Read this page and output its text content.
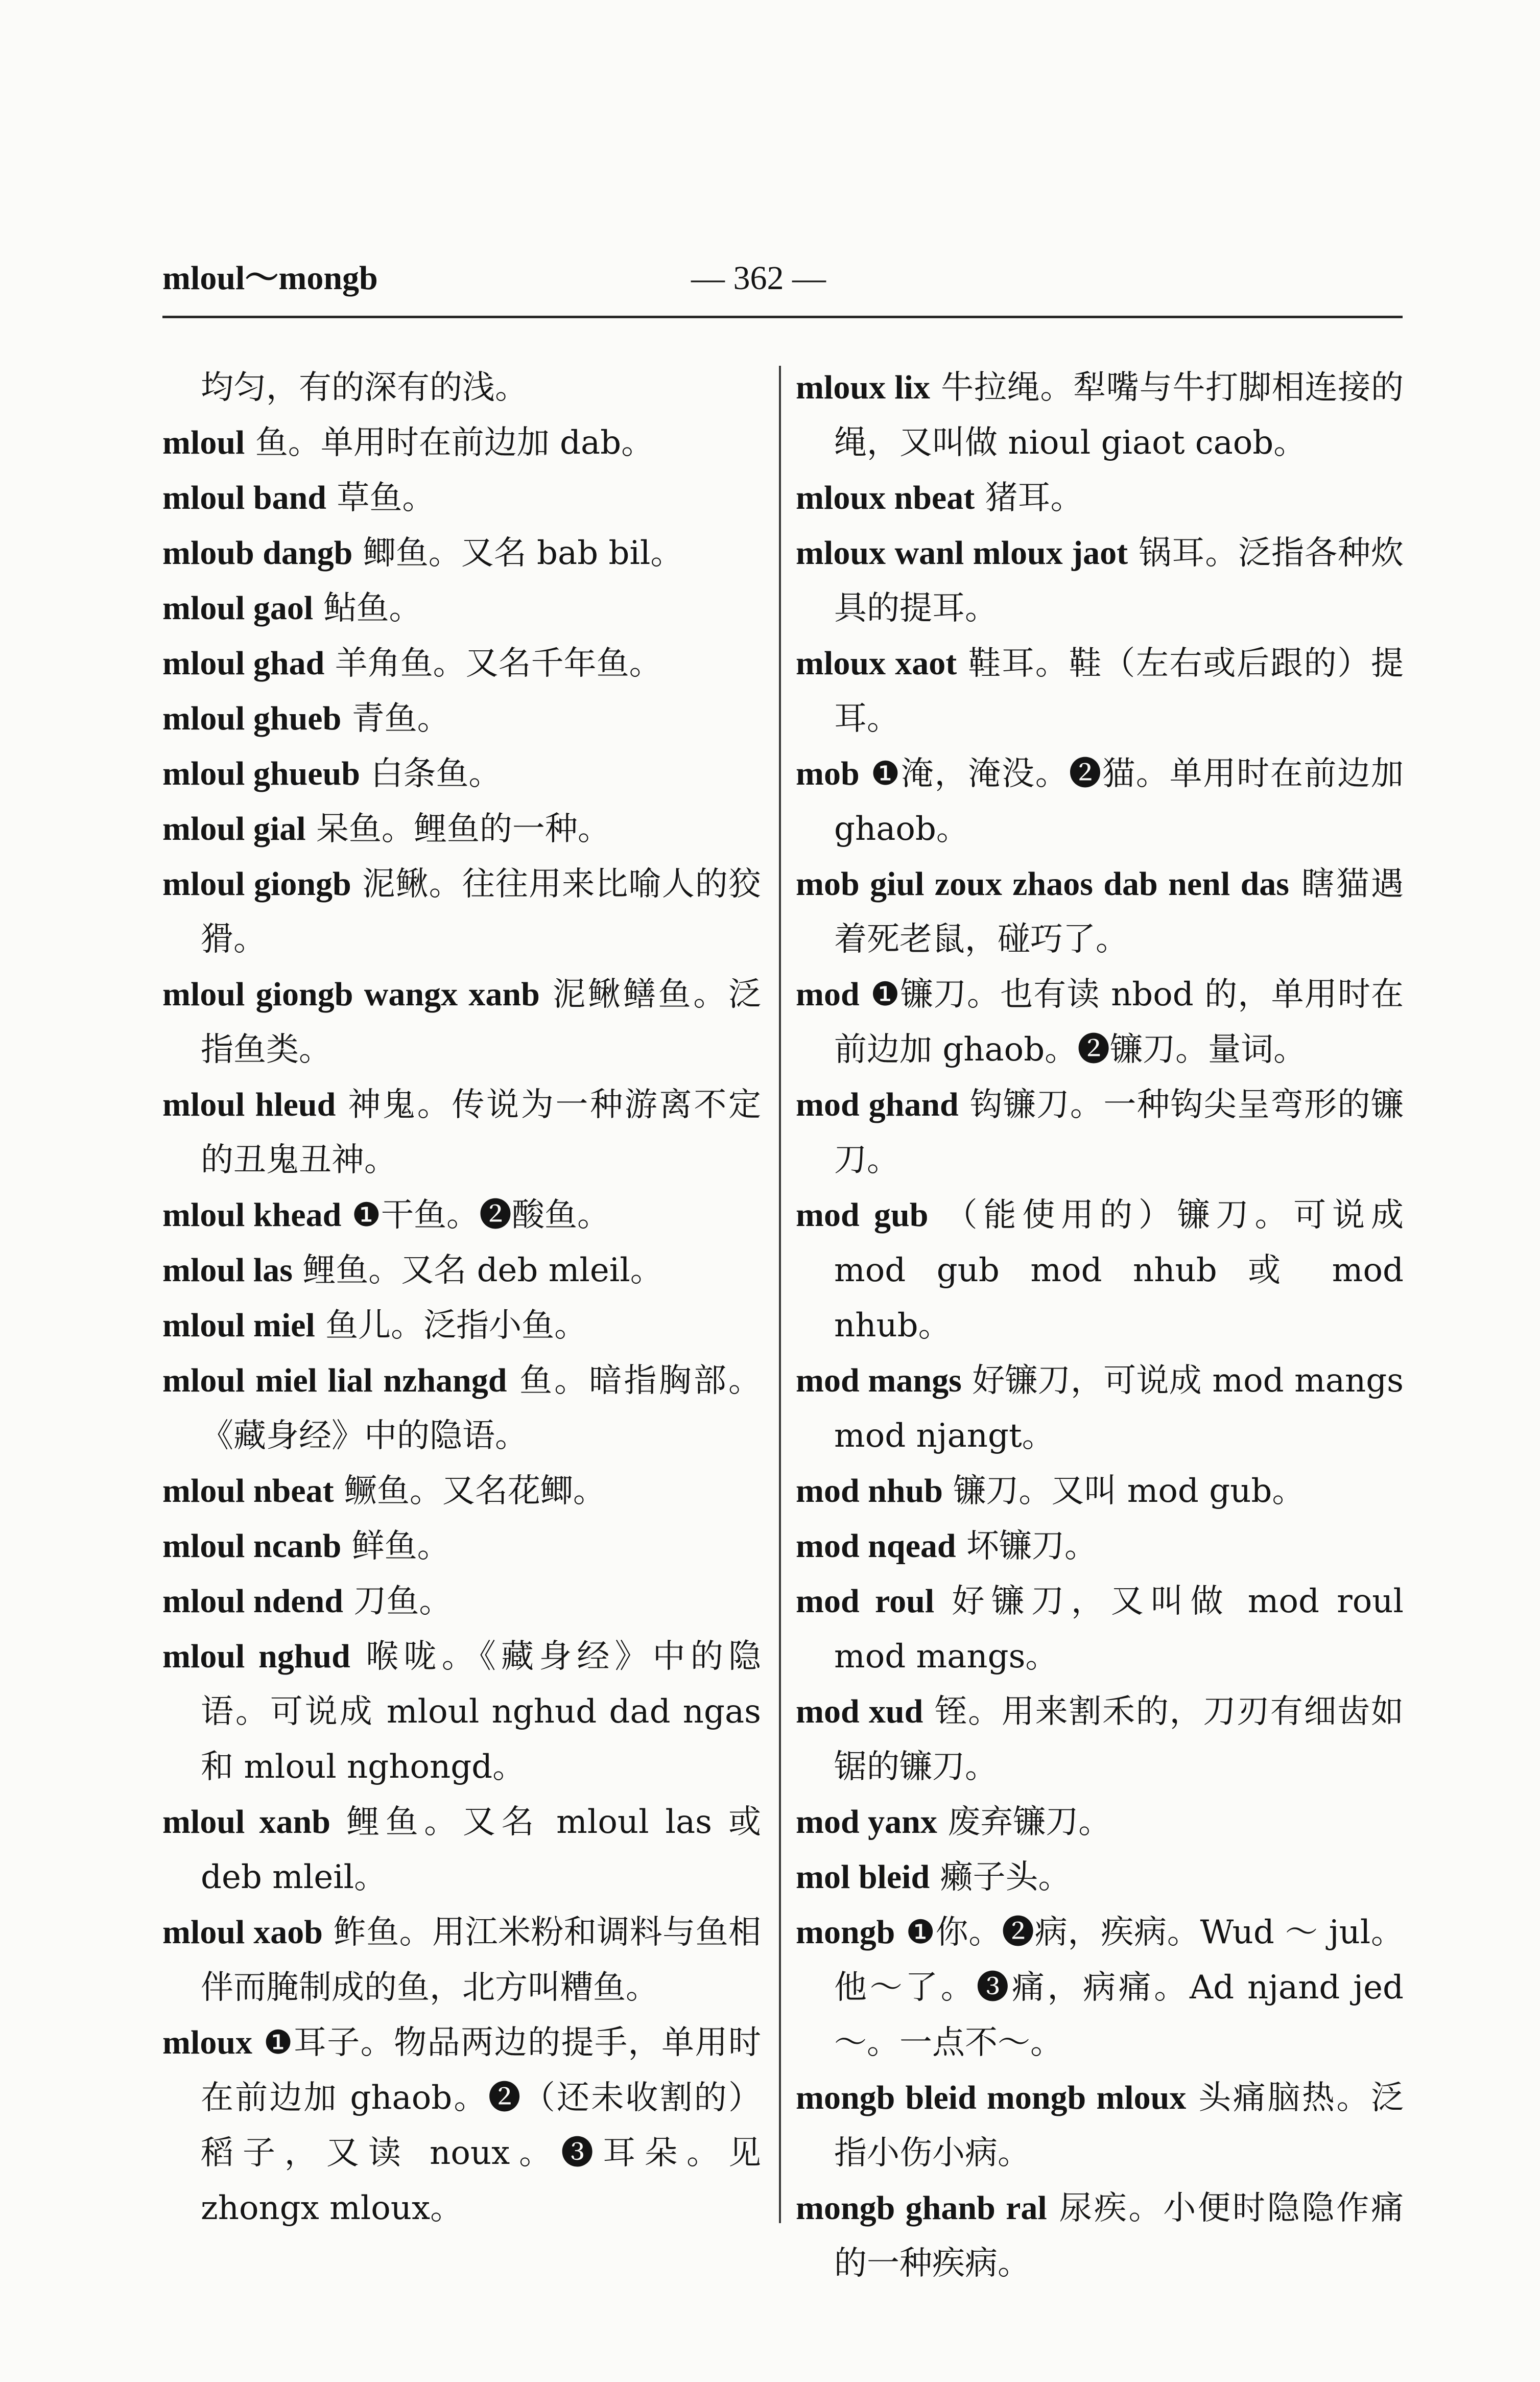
mloul～mongb	— 362 —
均匀，有的深有的浅。
mloul 鱼。单用时在前边加 dab。
mloul band 草鱼。
mloub dangb 鲫鱼。又名 bab bil。
mloul gaol 鲇鱼。
mloul ghad 羊角鱼。又名千年鱼。
mloul ghueb 青鱼。
mloul ghueub 白条鱼。
mloul gial 呆鱼。鲤鱼的一种。
mloul giongb 泥鳅。往往用来比喻人的狡猾。
mloul giongb wangx xanb 泥鳅鳝鱼。泛指鱼类。
mloul hleud 神鬼。传说为一种游离不定的丑鬼丑神。
mloul khead ❶干鱼。❷酸鱼。
mloul las 鲤鱼。又名 deb mleil。
mloul miel 鱼儿。泛指小鱼。
mloul miel lial nzhangd 鱼。暗指胸部。《藏身经》中的隐语。
mloul nbeat 鳜鱼。又名花鲫。
mloul ncanb 鲜鱼。
mloul ndend 刀鱼。
mloul nghud 喉咙。《藏身经》中的隐语。可说成 mloul nghud dad ngas 和 mloul nghongd。
mloul xanb 鲤鱼。又名 mloul las 或 deb mleil。
mloul xaob 鲊鱼。用江米粉和调料与鱼相伴而腌制成的鱼，北方叫糟鱼。
mloux ❶耳子。物品两边的提手，单用时在前边加 ghaob。❷（还未收割的）稻子，又读 noux。❸耳朵。见 zhongx mloux。
mloux lix 牛拉绳。犁嘴与牛打脚相连接的绳，又叫做 nioul giaot caob。
mloux nbeat 猪耳。
mloux wanl mloux jaot 锅耳。泛指各种炊具的提耳。
mloux xaot 鞋耳。鞋（左右或后跟的）提耳。
mob ❶淹，淹没。❷猫。单用时在前边加 ghaob。
mob giul zoux zhaos dab nenl das 瞎猫遇着死老鼠，碰巧了。
mod ❶镰刀。也有读 nbod 的，单用时在前边加 ghaob。❷镰刀。量词。
mod ghand 钩镰刀。一种钩尖呈弯形的镰刀。
mod gub （能使用的）镰刀。可说成 mod gub mod nhub 或 mod nhub。
mod mangs 好镰刀，可说成 mod mangs mod njangt。
mod nhub 镰刀。又叫 mod gub。
mod nqead 坏镰刀。
mod roul 好镰刀，又叫做 mod roul mod mangs。
mod xud 铚。用来割禾的，刀刃有细齿如锯的镰刀。
mod yanx 废弃镰刀。
mol bleid 癞子头。
mongb ❶你。❷病，疾病。Wud ～ jul。他～了。❸痛，病痛。Ad njand jed ～。一点不～。
mongb bleid mongb mloux 头痛脑热。泛指小伤小病。
mongb ghanb ral 尿疾。小便时隐隐作痛的一种疾病。
